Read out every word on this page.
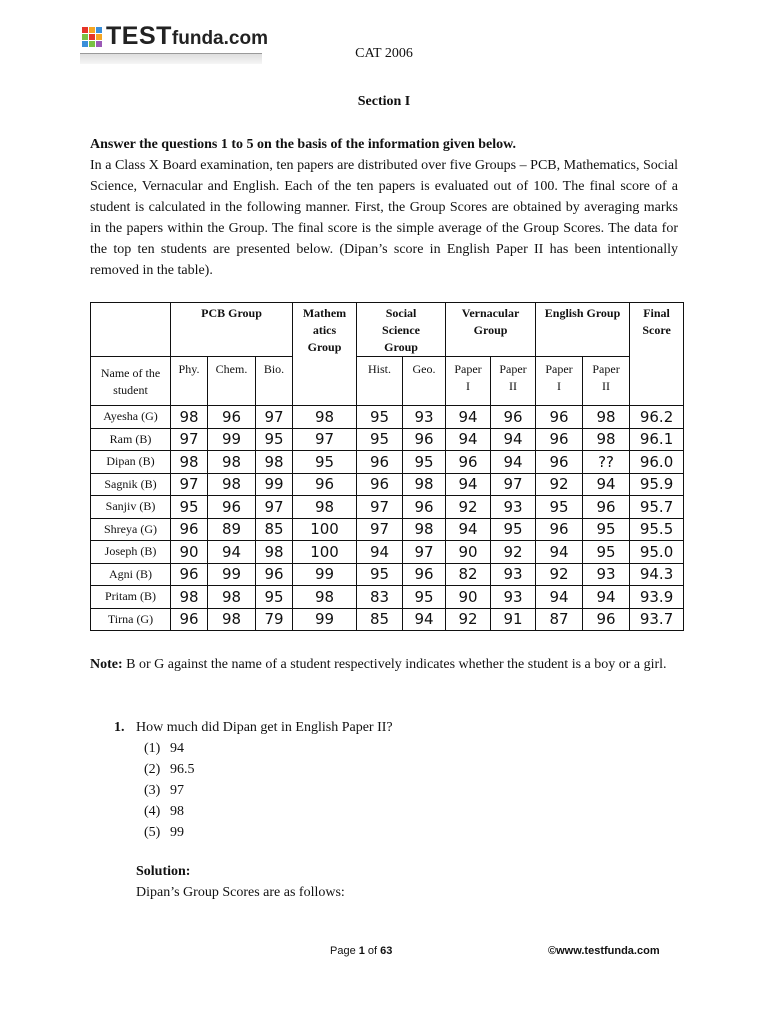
TESTfunda.com
CAT 2006
Section I
Answer the questions 1 to 5 on the basis of the information given below.

In a Class X Board examination, ten papers are distributed over five Groups – PCB, Mathematics, Social Science, Vernacular and English. Each of the ten papers is evaluated out of 100. The final score of a student is calculated in the following manner. First, the Group Scores are obtained by averaging marks in the papers within the Group. The final score is the simple average of the Group Scores. The data for the top ten students are presented below. (Dipan’s score in English Paper II has been intentionally removed in the table).

	PCB Group			Mathem atics Group	Social Science Group		Vernacular Group		English Group		Final Score
Name of the student	Phy.	Chem.	Bio.		Hist.	Geo.	Paper I	Paper II	Paper I	Paper II	
Ayesha (G)	98	96	97	98	95	93	94	96	96	98	96.2
Ram (B)	97	99	95	97	95	96	94	94	96	98	96.1
Dipan (B)	98	98	98	95	96	95	96	94	96	??	96.0
Sagnik (B)	97	98	99	96	96	98	94	97	92	94	95.9
Sanjiv (B)	95	96	97	98	97	96	92	93	95	96	95.7
Shreya (G)	96	89	85	100	97	98	94	95	96	95	95.5
Joseph (B)	90	94	98	100	94	97	90	92	94	95	95.0
Agni (B)	96	99	96	99	95	96	82	93	92	93	94.3
Pritam (B)	98	98	95	98	83	95	90	93	94	94	93.9
Tirna (G)	96	98	79	99	85	94	92	91	87	96	93.7
Note: B or G against the name of a student respectively indicates whether the student is a boy or a girl.
1. How much did Dipan get in English Paper II?
(1) 94
(2) 96.5
(3) 97
(4) 98
(5) 99
Solution:
Dipan’s Group Scores are as follows:
Page 1 of 63	©www.testfunda.com
